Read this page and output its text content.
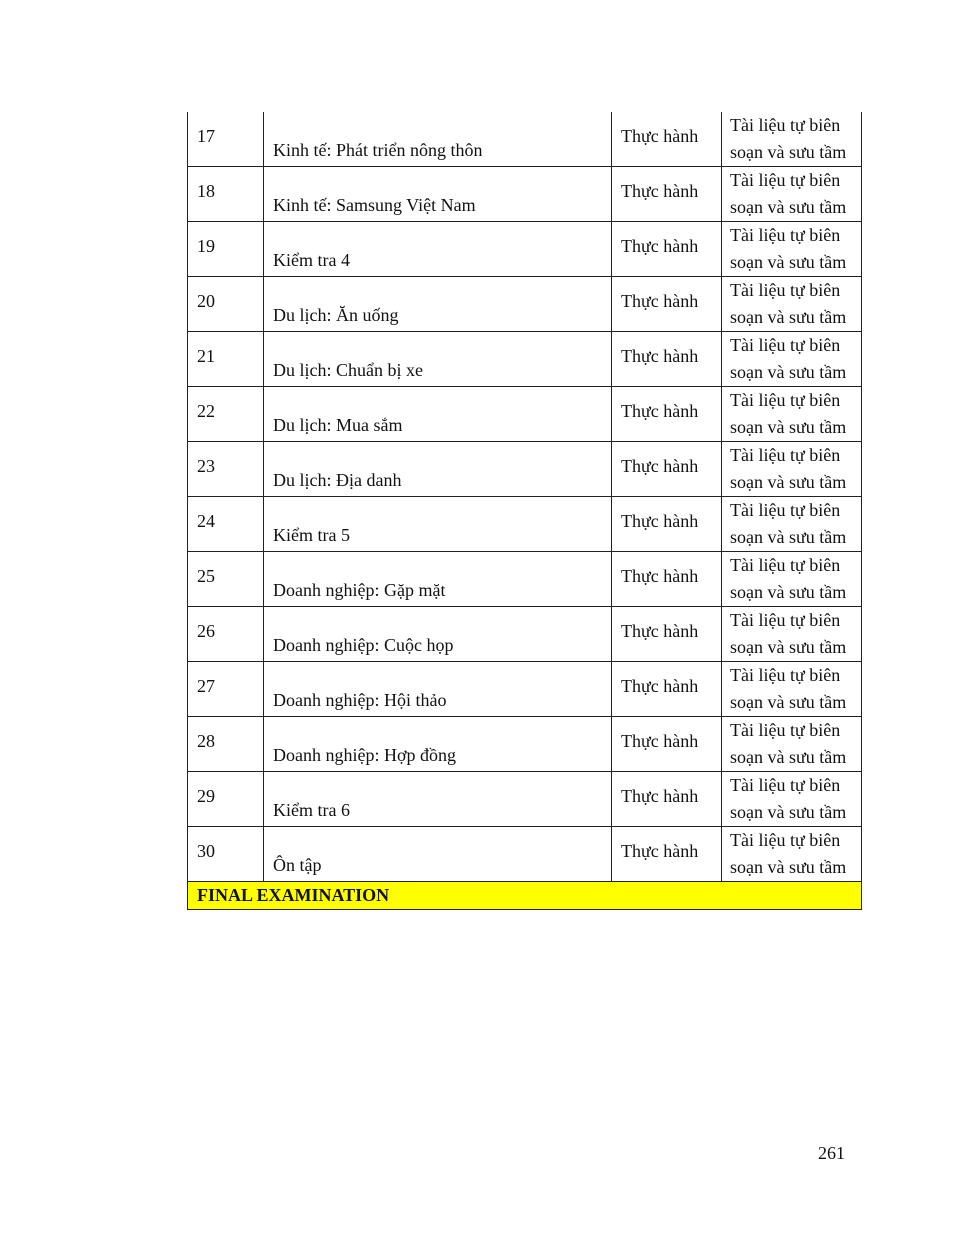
17	Kinh tế: Phát triển nông thôn	Thực hành	Tài liệu tự biên
soạn và sưu tầm

18	Kinh tế: Samsung Việt Nam	Thực hành	Tài liệu tự biên
soạn và sưu tầm

19	Kiểm tra 4	Thực hành	Tài liệu tự biên
soạn và sưu tầm

20	Du lịch: Ăn uống	Thực hành	Tài liệu tự biên
soạn và sưu tầm

21	Du lịch: Chuẩn bị xe	Thực hành	Tài liệu tự biên
soạn và sưu tầm

22	Du lịch: Mua sắm	Thực hành	Tài liệu tự biên
soạn và sưu tầm

23	Du lịch: Địa danh	Thực hành	Tài liệu tự biên
soạn và sưu tầm

24	Kiểm tra 5	Thực hành	Tài liệu tự biên
soạn và sưu tầm

25	Doanh nghiệp: Gặp mặt	Thực hành	Tài liệu tự biên
soạn và sưu tầm

26	Doanh nghiệp: Cuộc họp	Thực hành	Tài liệu tự biên
soạn và sưu tầm

27	Doanh nghiệp: Hội thảo	Thực hành	Tài liệu tự biên
soạn và sưu tầm

28	Doanh nghiệp: Hợp đồng	Thực hành	Tài liệu tự biên
soạn và sưu tầm

29	Kiểm tra 6	Thực hành	Tài liệu tự biên
soạn và sưu tầm

30	Ôn tập	Thực hành	Tài liệu tự biên
soạn và sưu tầm

FINAL EXAMINATION			
261
